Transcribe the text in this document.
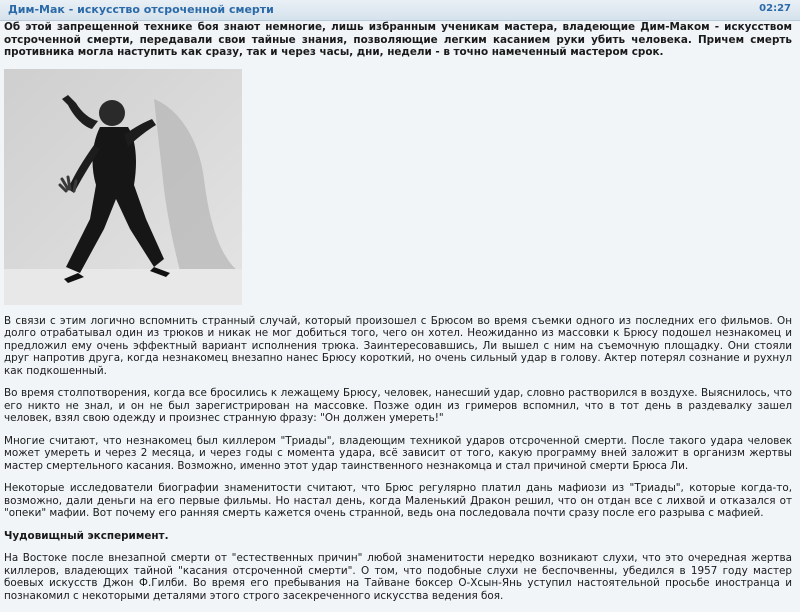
Дим-Мак - искусство отсроченной смерти	02:27
Об этой запрещенной технике боя знают немногие, лишь избранным ученикам мастера, владеющие Дим-Маком - искусством отсроченной смерти, передавали свои тайные знания, позволяющие легким касанием руки убить человека. Причем смерть противника могла наступить как сразу, так и через часы, дни, недели - в точно намеченный мастером срок.

В связи с этим логично вспомнить странный случай, который произошел с Брюсом во время съемки одного из последних его фильмов. Он долго отрабатывал один из трюков и никак не мог добиться того, чего он хотел. Неожиданно из массовки к Брюсу подошел незнакомец и предложил ему очень эффектный вариант исполнения трюка. Заинтересовавшись, Ли вышел с ним на съемочную площадку. Они стояли друг напротив друга, когда незнакомец внезапно нанес Брюсу короткий, но очень сильный удар в голову. Актер потерял сознание и рухнул как подкошенный.

Во время столпотворения, когда все бросились к лежащему Брюсу, человек, нанесший удар, словно растворился в воздухе. Выяснилось, что его никто не знал, и он не был зарегистрирован на массовке. Позже один из гримеров вспомнил, что в тот день в раздевалку зашел человек, взял свою одежду и произнес странную фразу: "Он должен умереть!"

Многие считают, что незнакомец был киллером "Триады", владеющим техникой ударов отсроченной смерти. После такого удара человек может умереть и через 2 месяца, и через годы с момента удара, всё зависит от того, какую программу вней заложит в организм жертвы мастер смертельного касания. Возможно, именно этот удар таинственного незнакомца и стал причиной смерти Брюса Ли.

Некоторые исследователи биографии знаменитости считают, что Брюс регулярно платил дань мафиози из "Триады", которые когда-то, возможно, дали деньги на его первые фильмы. Но настал день, когда Маленький Дракон решил, что он отдан все с лихвой и отказался от "опеки" мафии. Вот почему его ранняя смерть кажется очень странной, ведь она последовала почти сразу после его разрыва с мафией.

Чудовищный эксперимент.

На Востоке после внезапной смерти от "естественных причин" любой знаменитости нередко возникают слухи, что это очередная жертва киллеров, владеющих тайной "касания отсроченной смерти". О том, что подобные слухи не беспочвенны, убедился в 1957 году мастер боевых искусств Джон Ф.Гилби. Во время его пребывания на Тайване боксер О-Хсын-Янь уступил настоятельной просьбе иностранца и познакомил с некоторыми деталями этого строго засекреченного искусства ведения боя.
